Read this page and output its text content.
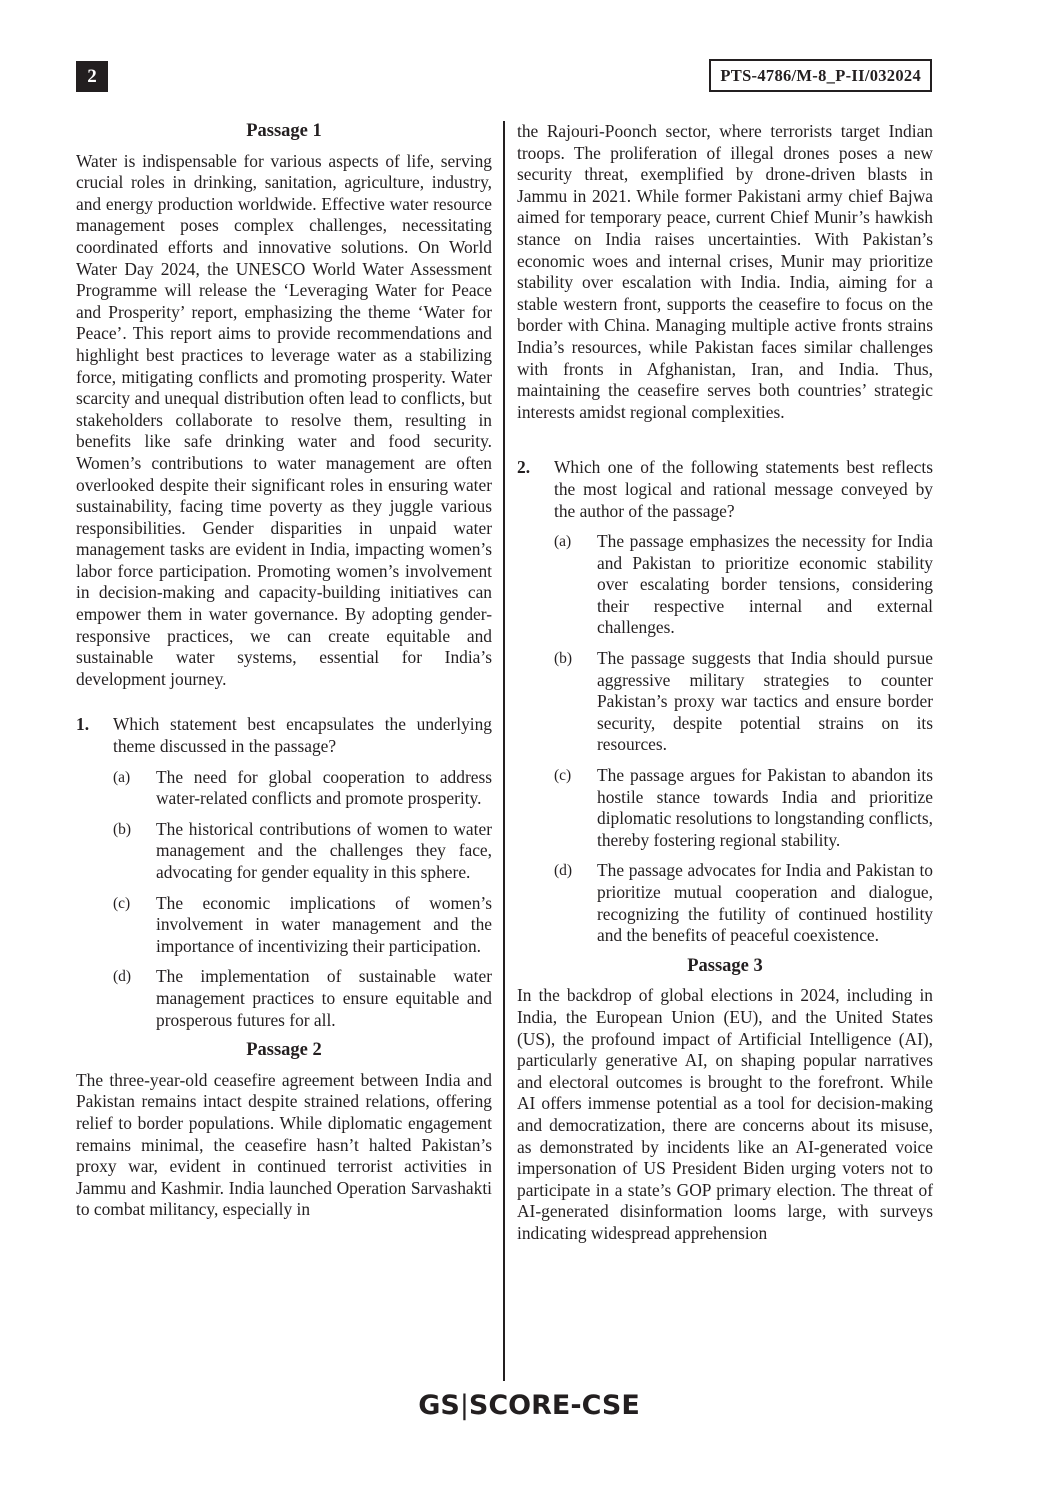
2	PTS-4786/M-8_P-II/032024
Passage 1

Water is indispensable for various aspects of life, serving crucial roles in drinking, sanitation, agriculture, industry, and energy production worldwide. Effective water resource management poses complex challenges, necessitating coordinated efforts and innovative solutions. On World Water Day 2024, the UNESCO World Water Assessment Programme will release the ‘Leveraging Water for Peace and Prosperity’ report, emphasizing the theme ‘Water for Peace’. This report aims to provide recommendations and highlight best practices to leverage water as a stabilizing force, mitigating conflicts and promoting prosperity. Water scarcity and unequal distribution often lead to conflicts, but stakeholders collaborate to resolve them, resulting in benefits like safe drinking water and food security. Women’s contributions to water management are often overlooked despite their significant roles in ensuring water sustainability, facing time poverty as they juggle various responsibilities. Gender disparities in unpaid water management tasks are evident in India, impacting women’s labor force participation. Promoting women’s involvement in decision-making and capacity-building initiatives can empower them in water governance. By adopting gender-responsive practices, we can create equitable and sustainable water systems, essential for India’s development journey.

1.	Which statement best encapsulates the underlying theme discussed in the passage?
(a)	The need for global cooperation to address water-related conflicts and promote prosperity.
(b)	The historical contributions of women to water management and the challenges they face, advocating for gender equality in this sphere.
(c)	The economic implications of women’s involvement in water management and the importance of incentivizing their participation.
(d)	The implementation of sustainable water management practices to ensure equitable and prosperous futures for all.
Passage 2

The three-year-old ceasefire agreement between India and Pakistan remains intact despite strained relations, offering relief to border populations. While diplomatic engagement remains minimal, the ceasefire hasn’t halted Pakistan’s proxy war, evident in continued terrorist activities in Jammu and Kashmir. India launched Operation Sarvashakti to combat militancy, especially in

the Rajouri-Poonch sector, where terrorists target Indian troops. The proliferation of illegal drones poses a new security threat, exemplified by drone-driven blasts in Jammu in 2021. While former Pakistani army chief Bajwa aimed for temporary peace, current Chief Munir’s hawkish stance on India raises uncertainties. With Pakistan’s economic woes and internal crises, Munir may prioritize stability over escalation with India. India, aiming for a stable western front, supports the ceasefire to focus on the border with China. Managing multiple active fronts strains India’s resources, while Pakistan faces similar challenges with fronts in Afghanistan, Iran, and India. Thus, maintaining the ceasefire serves both countries’ strategic interests amidst regional complexities.

2.	Which one of the following statements best reflects the most logical and rational message conveyed by the author of the passage?
(a)	The passage emphasizes the necessity for India and Pakistan to prioritize economic stability over escalating border tensions, considering their respective internal and external challenges.
(b)	The passage suggests that India should pursue aggressive military strategies to counter Pakistan’s proxy war tactics and ensure border security, despite potential strains on its resources.
(c)	The passage argues for Pakistan to abandon its hostile stance towards India and prioritize diplomatic resolutions to longstanding conflicts, thereby fostering regional stability.
(d)	The passage advocates for India and Pakistan to prioritize mutual cooperation and dialogue, recognizing the futility of continued hostility and the benefits of peaceful coexistence.
Passage 3

In the backdrop of global elections in 2024, including in India, the European Union (EU), and the United States (US), the profound impact of Artificial Intelligence (AI), particularly generative AI, on shaping popular narratives and electoral outcomes is brought to the forefront. While AI offers immense potential as a tool for decision-making and democratization, there are concerns about its misuse, as demonstrated by incidents like an AI-generated voice impersonation of US President Biden urging voters not to participate in a state’s GOP primary election. The threat of AI-generated disinformation looms large, with surveys indicating widespread apprehension

GS|SCORE-CSE
